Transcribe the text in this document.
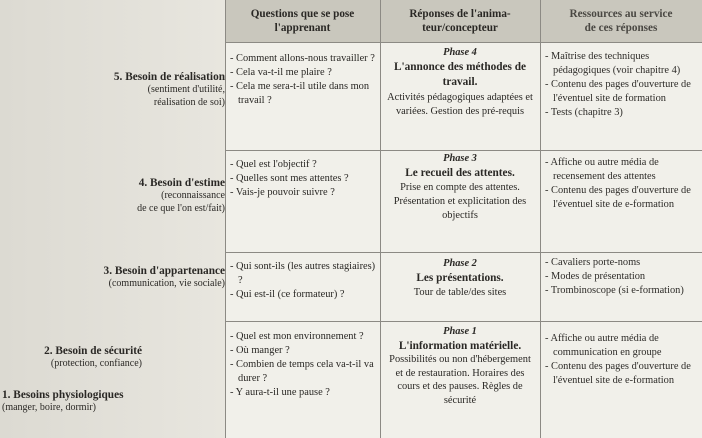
Questions que se pose
l'apprenant
Réponses de l'anima-
teur/concepteur
Ressources au service
de ces réponses
5. Besoin de réalisation
(sentiment d'utilité,
réalisation de soi)
- Comment allons-nous travailler ?
- Cela va-t-il me plaire ?
- Cela me sera-t-il utile dans mon travail ?
Phase 4
L'annonce des méthodes de travail.
Activités pédagogiques adaptées et variées. Gestion des pré-requis
- Maîtrise des techniques pédagogiques (voir chapitre 4)
- Contenu des pages d'ouverture de l'éventuel site de formation
- Tests (chapitre 3)
4. Besoin d'estime
(reconnaissance
de ce que l'on est/fait)
- Quel est l'objectif ?
- Quelles sont mes attentes ?
- Vais-je pouvoir suivre ?
Phase 3
Le recueil des attentes.
Prise en compte des attentes. Présentation et explicitation des objectifs
- Affiche ou autre média de recensement des attentes
- Contenu des pages d'ouverture de l'éventuel site de e-formation
3. Besoin d'appartenance
(communication, vie sociale)
- Qui sont-ils (les autres stagiaires) ?
- Qui est-il (ce formateur) ?
Phase 2
Les présentations.
Tour de table/des sites
- Cavaliers porte-noms
- Modes de présentation
- Trombinoscope (si e-formation)
2. Besoin de sécurité
(protection, confiance)
1. Besoins physiologiques
(manger, boire, dormir)
- Quel est mon environnement ?
- Où manger ?
- Combien de temps cela va-t-il va durer ?
- Y aura-t-il une pause ?
Phase 1
L'information matérielle.
Possibilités ou non d'hébergement et de restauration. Horaires des cours et des pauses. Règles de sécurité
- Affiche ou autre média de communication en groupe
- Contenu des pages d'ouverture de l'éventuel site de e-formation
